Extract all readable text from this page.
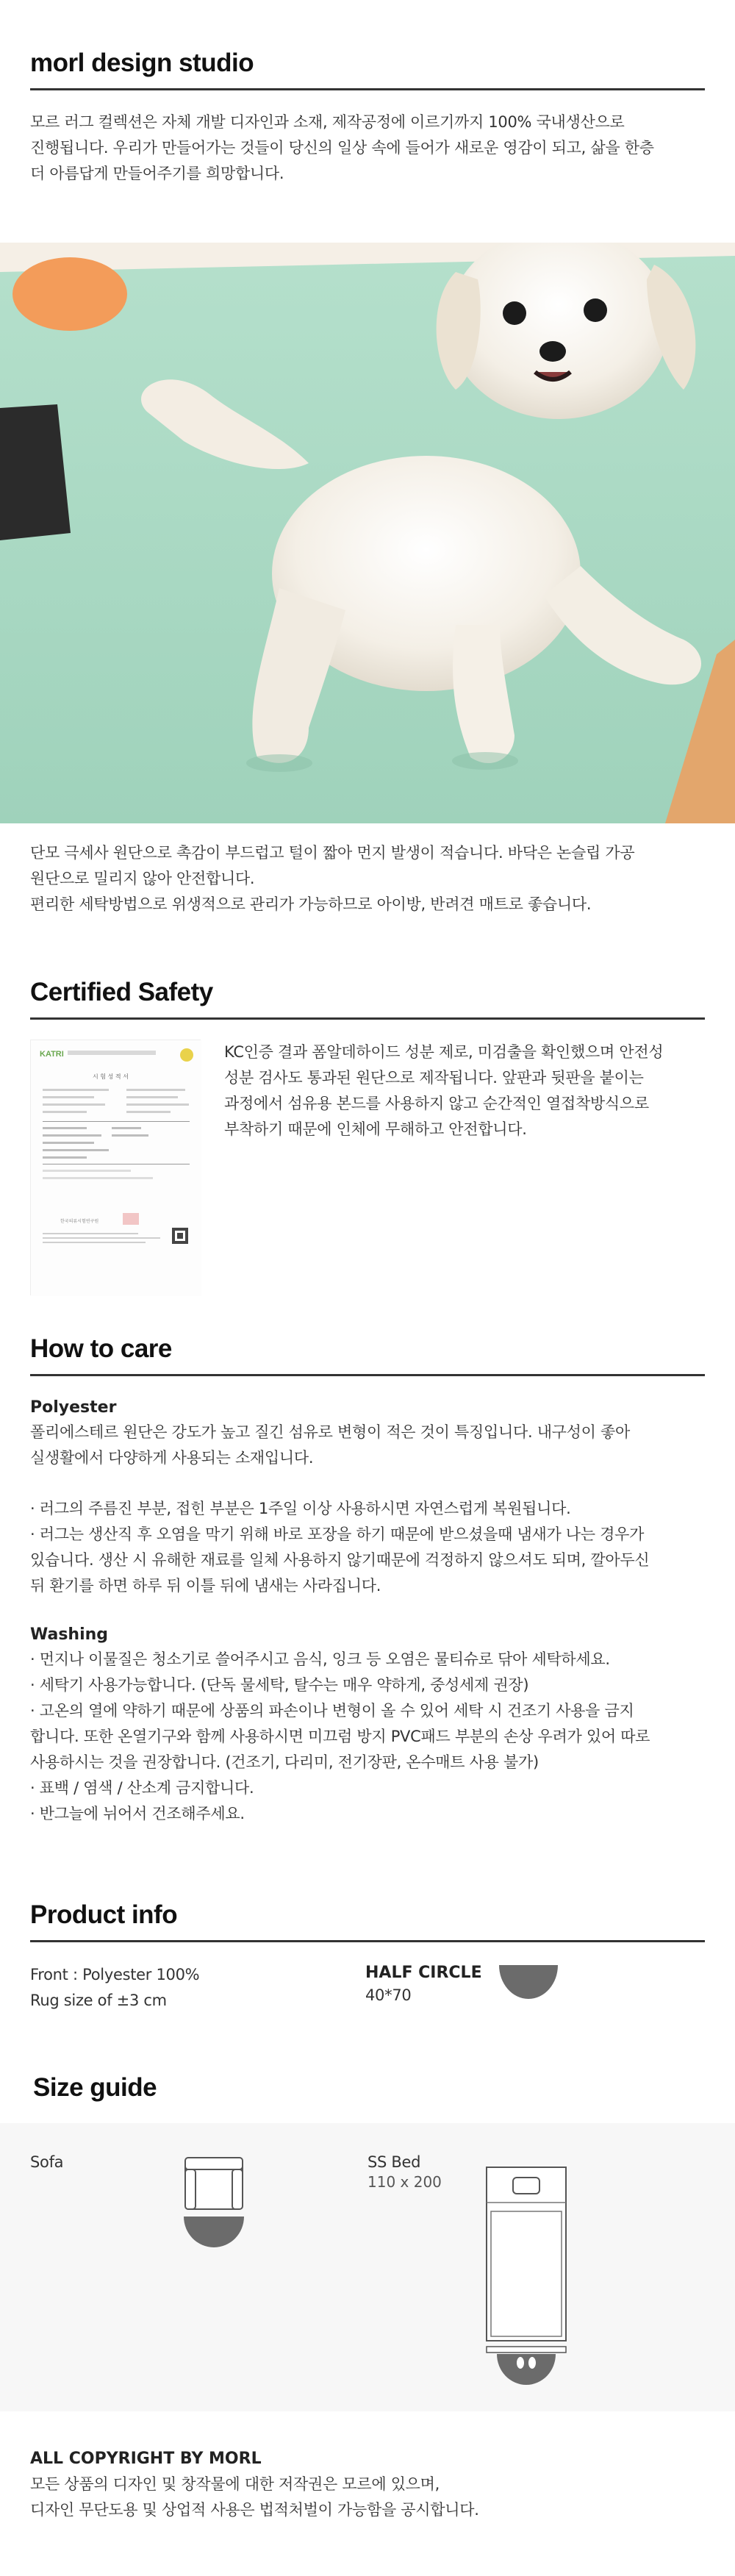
morl design studio
모르 러그 컬렉션은 자체 개발 디자인과 소재, 제작공정에 이르기까지 100% 국내생산으로
진행됩니다. 우리가 만들어가는 것들이 당신의 일상 속에 들어가 새로운 영감이 되고, 삶을 한층
더 아름답게 만들어주기를 희망합니다.
단모 극세사 원단으로 촉감이 부드럽고 털이 짧아 먼지 발생이 적습니다. 바닥은 논슬립 가공
원단으로 밀리지 않아 안전합니다.
편리한 세탁방법으로 위생적으로 관리가 가능하므로 아이방, 반려견 매트로 좋습니다.
Certified Safety
KATRI
시 험 성 적 서
한국의류시험연구원
KC인증 결과 폼알데하이드 성분 제로, 미검출을 확인했으며 안전성
성분 검사도 통과된 원단으로 제작됩니다. 앞판과 뒷판을 붙이는
과정에서 섬유용 본드를 사용하지 않고 순간적인 열접착방식으로
부착하기 때문에 인체에 무해하고 안전합니다.
How to care
Polyester
폴리에스테르 원단은 강도가 높고 질긴 섬유로 변형이 적은 것이 특징입니다. 내구성이 좋아
실생활에서 다양하게 사용되는 소재입니다.
· 러그의 주름진 부분, 접힌 부분은 1주일 이상 사용하시면 자연스럽게 복원됩니다.
· 러그는 생산직 후 오염을 막기 위해 바로 포장을 하기 때문에 받으셨을때 냄새가 나는 경우가
있습니다. 생산 시 유해한 재료를 일체 사용하지 않기때문에 걱정하지 않으셔도 되며, 깔아두신
뒤 환기를 하면 하루 뒤 이틀 뒤에 냄새는 사라집니다.
Washing
· 먼지나 이물질은 청소기로 쓸어주시고 음식, 잉크 등 오염은 물티슈로 닦아 세탁하세요.
· 세탁기 사용가능합니다. (단독 물세탁, 탈수는 매우 약하게, 중성세제 권장)
· 고온의 열에 약하기 때문에 상품의 파손이나 변형이 올 수 있어 세탁 시 건조기 사용을 금지
합니다. 또한 온열기구와 함께 사용하시면 미끄럼 방지 PVC패드 부분의 손상 우려가 있어 따로
사용하시는 것을 권장합니다. (건조기, 다리미, 전기장판, 온수매트 사용 불가)
· 표백 / 염색 / 산소계 금지합니다.
· 반그늘에 뉘어서 건조해주세요.
Product info
Front : Polyester 100%
Rug size of ±3 cm
HALF CIRCLE
40*70
Size guide
Sofa	SS Bed
110 x 200
ALL COPYRIGHT BY MORL
모든 상품의 디자인 및 창작물에 대한 저작권은 모르에 있으며,
디자인 무단도용 및 상업적 사용은 법적처벌이 가능함을 공시합니다.
